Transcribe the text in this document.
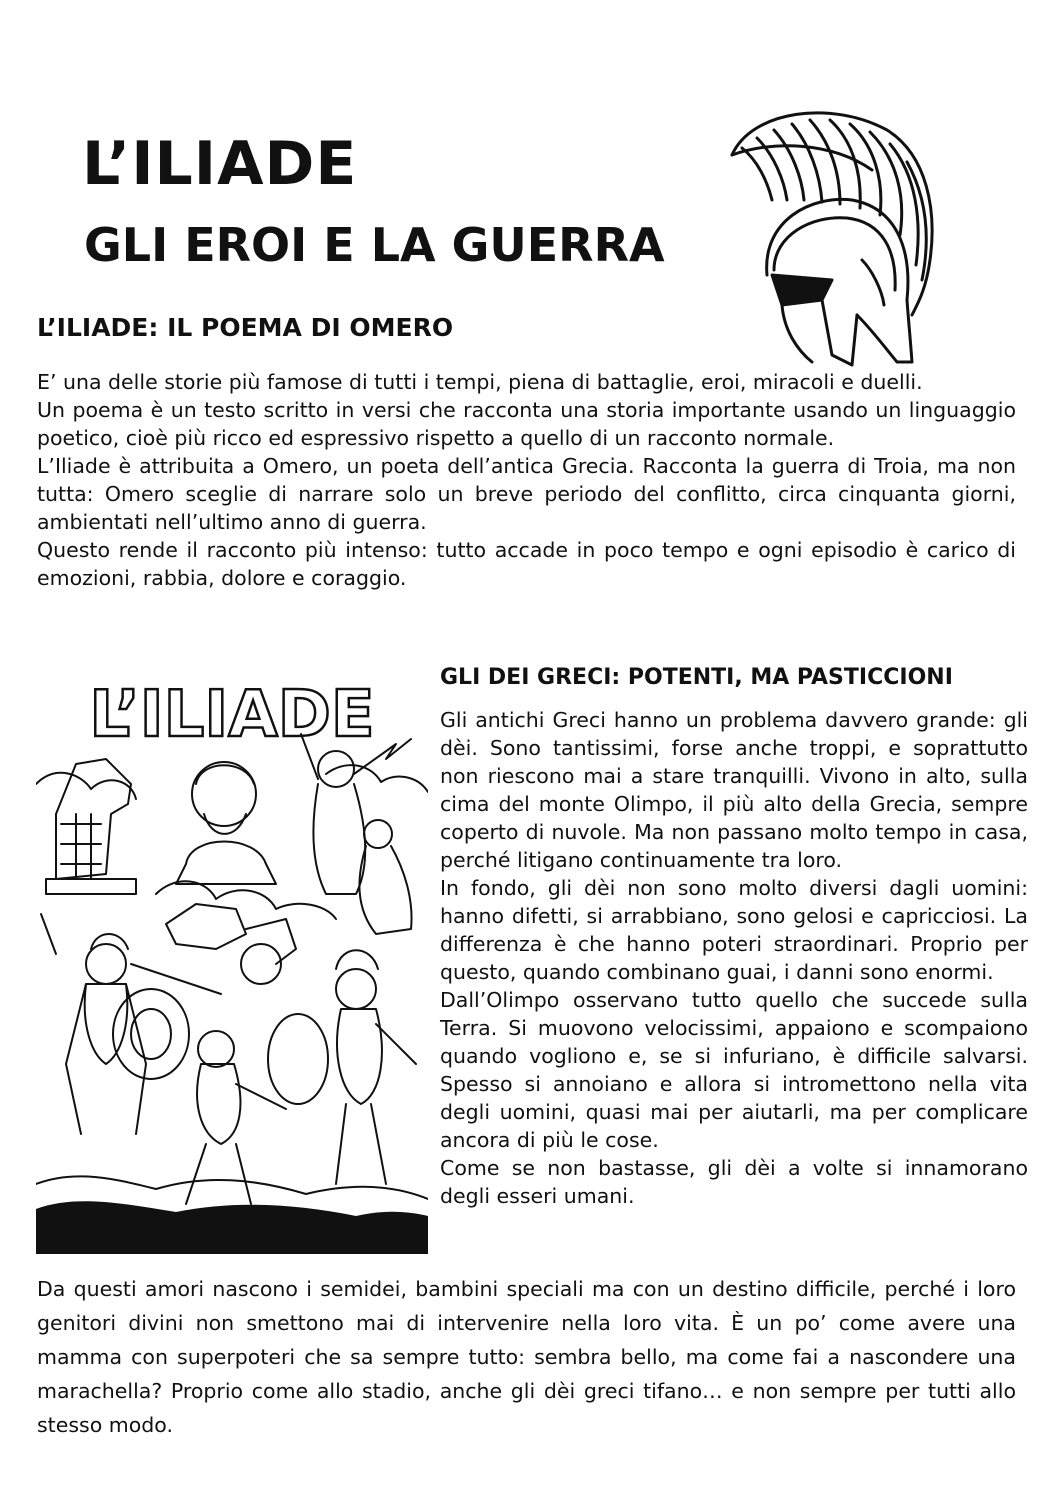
L’ILIADE
GLI EROI E LA GUERRA
L’ILIADE: IL POEMA DI OMERO

E’ una delle storie più famose di tutti i tempi, piena di battaglie, eroi, miracoli e duelli.

Un poema è un testo scritto in versi che racconta una storia importante usando un linguaggio poetico, cioè più ricco ed espressivo rispetto a quello di un racconto normale.

L’Iliade è attribuita a Omero, un poeta dell’antica Grecia. Racconta la guerra di Troia, ma non tutta: Omero sceglie di narrare solo un breve periodo del conflitto, circa cinquanta giorni, ambientati nell’ultimo anno di guerra.

Questo rende il racconto più intenso: tutto accade in poco tempo e ogni episodio è carico di emozioni, rabbia, dolore e coraggio.

L’ILIADE
GLI DEI GRECI: POTENTI, MA PASTICCIONI

Gli antichi Greci hanno un problema davvero grande: gli dèi. Sono tantissimi, forse anche troppi, e soprattutto non riescono mai a stare tranquilli. Vivono in alto, sulla cima del monte Olimpo, il più alto della Grecia, sempre coperto di nuvole. Ma non passano molto tempo in casa, perché litigano continuamente tra loro.

In fondo, gli dèi non sono molto diversi dagli uomini: hanno difetti, si arrabbiano, sono gelosi e capricciosi. La differenza è che hanno poteri straordinari. Proprio per questo, quando combinano guai, i danni sono enormi.

Dall’Olimpo osservano tutto quello che succede sulla Terra. Si muovono velocissimi, appaiono e scompaiono quando vogliono e, se si infuriano, è difficile salvarsi. Spesso si annoiano e allora si intromettono nella vita degli uomini, quasi mai per aiutarli, ma per complicare ancora di più le cose.

Come se non bastasse, gli dèi a volte si innamorano degli esseri umani.

Da questi amori nascono i semidei, bambini speciali ma con un destino difficile, perché i loro genitori divini non smettono mai di intervenire nella loro vita. È un po’ come avere una mamma con superpoteri che sa sempre tutto: sembra bello, ma come fai a nascondere una marachella? Proprio come allo stadio, anche gli dèi greci tifano… e non sempre per tutti allo stesso modo.
